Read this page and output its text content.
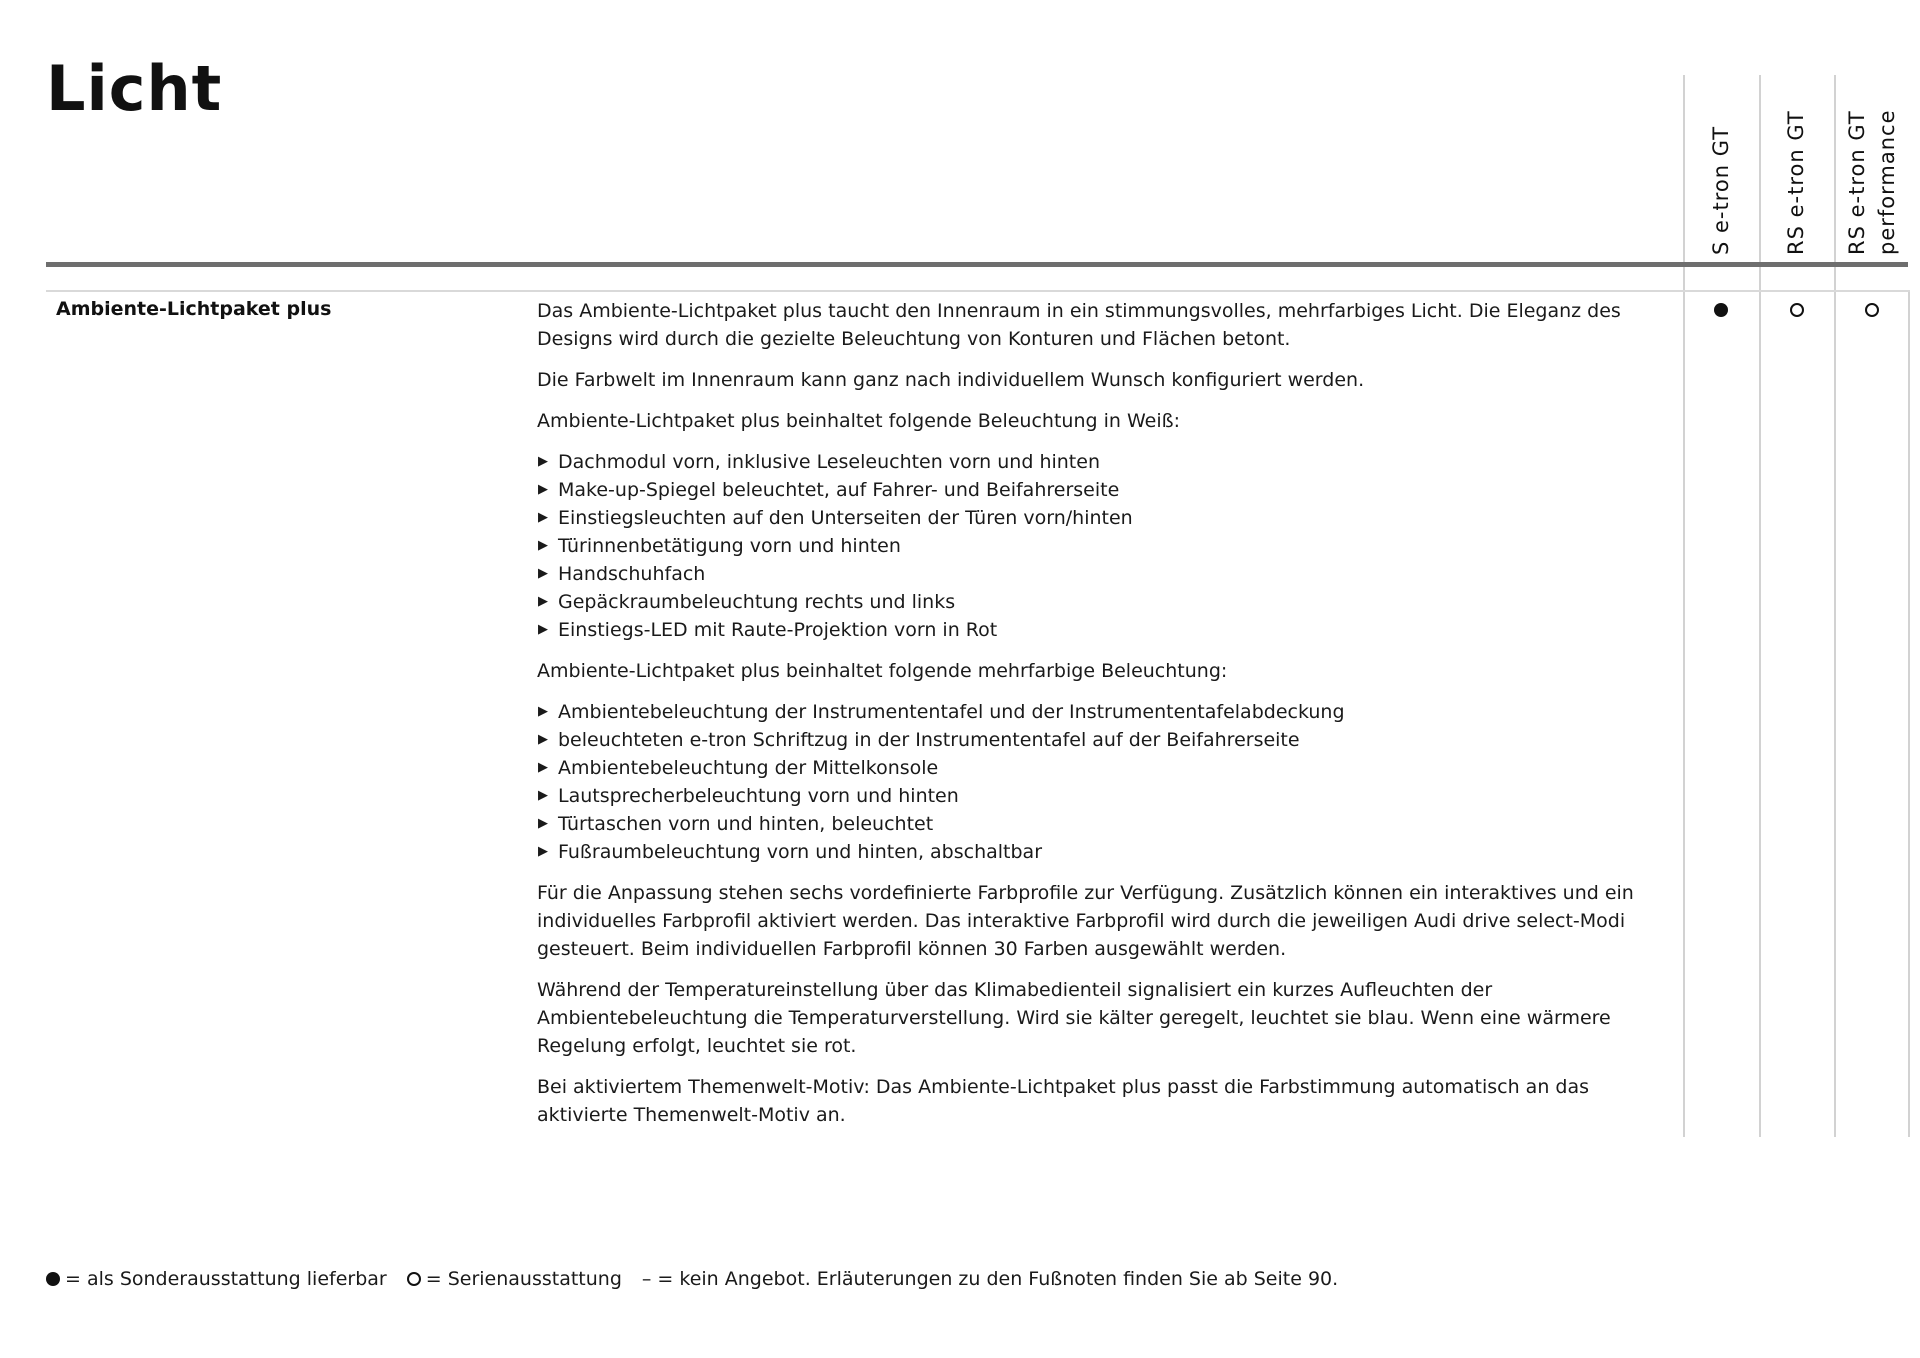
Licht
S e-tron GT RS e-tron GT RS e-tron GT performance
Ambiente-Lichtpaket plus	Das Ambiente-Lichtpaket plus taucht den Innenraum in ein stimmungsvolles, mehrfarbiges Licht. Die Eleganz des Designs wird durch die gezielte Beleuchtung von Konturen und Flächen betont.

Die Farbwelt im Innenraum kann ganz nach individuellem Wunsch konfiguriert werden.

Ambiente-Lichtpaket plus beinhaltet folgende Beleuchtung in Weiß:

▶ Dachmodul vorn, inklusive Leseleuchten vorn und hinten
▶ Make-up-Spiegel beleuchtet, auf Fahrer- und Beifahrerseite
▶ Einstiegsleuchten auf den Unterseiten der Türen vorn/hinten
▶ Türinnenbetätigung vorn und hinten
▶ Handschuhfach
▶ Gepäckraumbeleuchtung rechts und links
▶ Einstiegs-LED mit Raute-Projektion vorn in Rot

Ambiente-Lichtpaket plus beinhaltet folgende mehrfarbige Beleuchtung:

▶ Ambientebeleuchtung der Instrumententafel und der Instrumententafelabdeckung
▶ beleuchteten e-tron Schriftzug in der Instrumententafel auf der Beifahrerseite
▶ Ambientebeleuchtung der Mittelkonsole
▶ Lautsprecherbeleuchtung vorn und hinten
▶ Türtaschen vorn und hinten, beleuchtet
▶ Fußraumbeleuchtung vorn und hinten, abschaltbar

Für die Anpassung stehen sechs vordefinierte Farbprofile zur Verfügung. Zusätzlich können ein interaktives und ein individuelles Farbprofil aktiviert werden. Das interaktive Farbprofil wird durch die jeweiligen Audi drive select-Modi gesteuert. Beim individuellen Farbprofil können 30 Farben ausgewählt werden.

Während der Temperatureinstellung über das Klimabedienteil signalisiert ein kurzes Aufleuchten der Ambientebeleuchtung die Temperaturverstellung. Wird sie kälter geregelt, leuchtet sie blau. Wenn eine wärmere Regelung erfolgt, leuchtet sie rot.

Bei aktiviertem Themenwelt-Motiv: Das Ambiente-Lichtpaket plus passt die Farbstimmung automatisch an das aktivierte Themenwelt-Motiv an.

= als Sonderausstattung lieferbar = Serienausstattung – = kein Angebot. Erläuterungen zu den Fußnoten finden Sie ab Seite 90.
